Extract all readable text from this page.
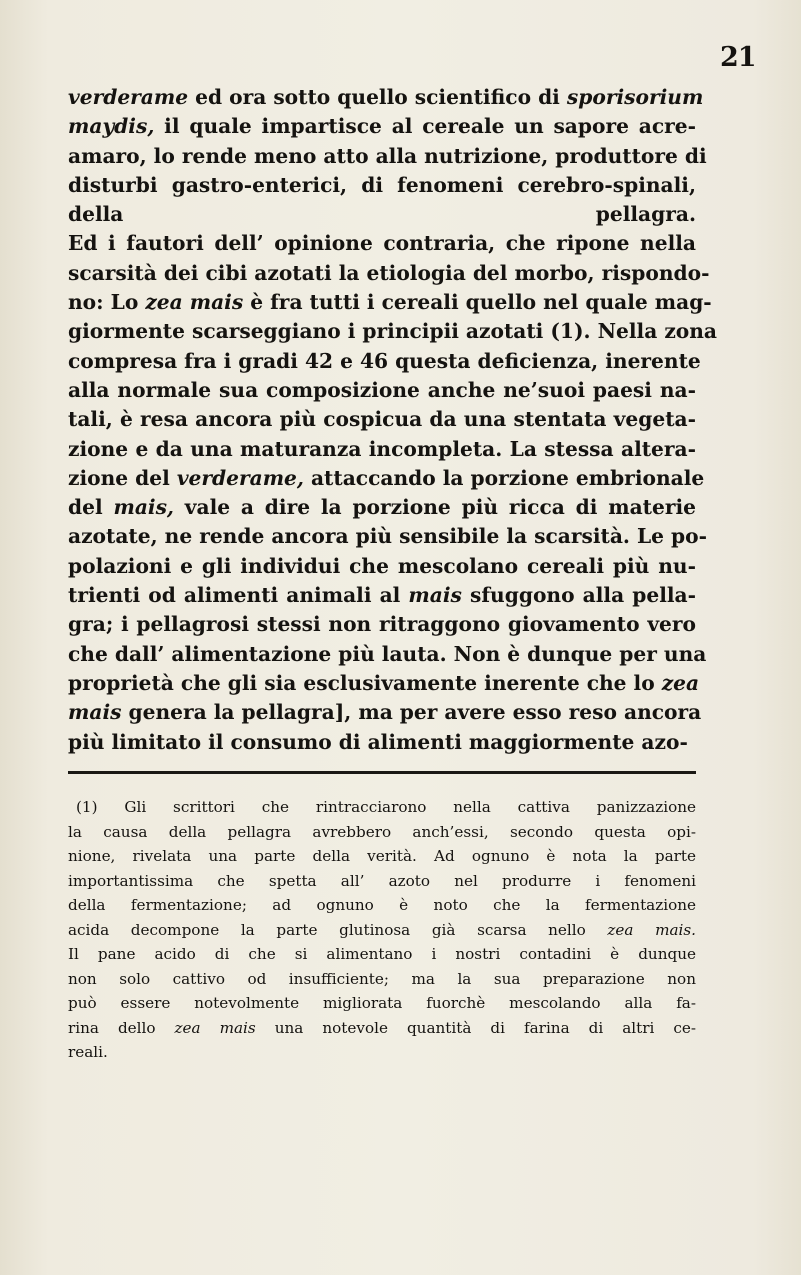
21
verderame ed ora sotto quello scientifico di sporisorium
maydis, il quale impartisce al cereale un sapore acre-
amaro, lo rende meno atto alla nutrizione, produttore di
disturbi gastro-enterici, di fenomeni cerebro-spinali,
della pellagra.
Ed i fautori dell’ opinione contraria, che ripone nella
scarsità dei cibi azotati la etiologia del morbo, rispondo-
no: Lo zea mais è fra tutti i cereali quello nel quale mag-
giormente scarseggiano i principii azotati (1). Nella zona
compresa fra i gradi 42 e 46 questa deficienza, inerente
alla normale sua composizione anche ne’suoi paesi na-
tali, è resa ancora più cospicua da una stentata vegeta-
zione e da una maturanza incompleta. La stessa altera-
zione del verderame, attaccando la porzione embrionale
del mais, vale a dire la porzione più ricca di materie
azotate, ne rende ancora più sensibile la scarsità. Le po-
polazioni e gli individui che mescolano cereali più nu-
trienti od alimenti animali al mais sfuggono alla pella-
gra; i pellagrosi stessi non ritraggono giovamento vero
che dall’ alimentazione più lauta. Non è dunque per una
proprietà che gli sia esclusivamente inerente che lo zea
mais genera la pellagra], ma per avere esso reso ancora
più limitato il consumo di alimenti maggiormente azo-
(1) Gli scrittori che rintracciarono nella cattiva panizzazione
la causa della pellagra avrebbero anch’essi, secondo questa opi-
nione, rivelata una parte della verità. Ad ognuno è nota la parte
importantissima che spetta all’ azoto nel produrre i fenomeni
della fermentazione; ad ognuno è noto che la fermentazione
acida decompone la parte glutinosa già scarsa nello zea mais.
Il pane acido di che si alimentano i nostri contadini è dunque
non solo cattivo od insufficiente; ma la sua preparazione non
può essere notevolmente migliorata fuorchè mescolando alla fa-
rina dello zea mais una notevole quantità di farina di altri ce-
reali.
